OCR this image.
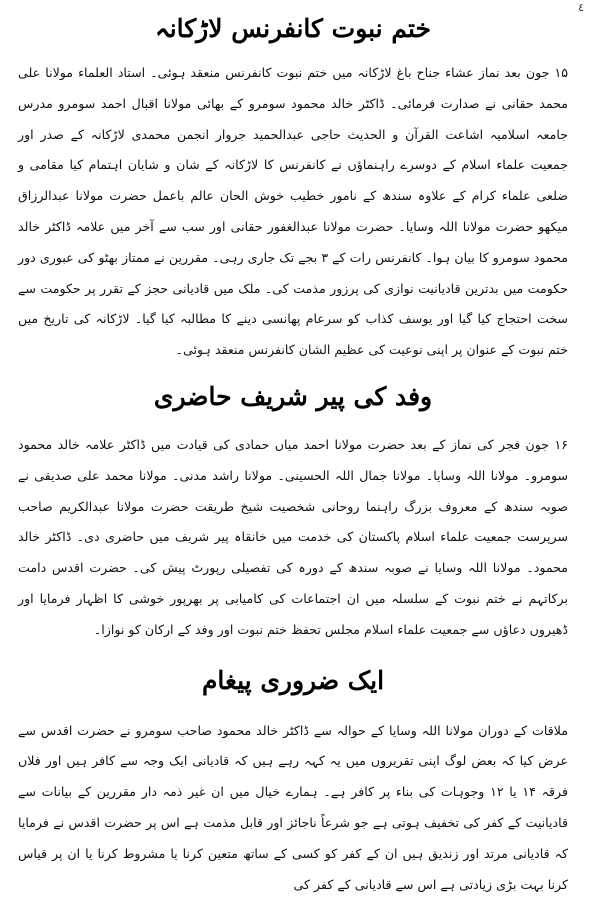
٤
ختم نبوت کانفرنس لاڑکانہ

۱۵ جون بعد نماز عشاء جناح باغ لاڑکانہ میں ختم نبوت کانفرنس منعقد ہوئی۔ استاد العلماء مولانا علی محمد حقانی نے صدارت فرمائی۔ ڈاکٹر خالد محمود سومرو کے بھائی مولانا اقبال احمد سومرو مدرس جامعہ اسلامیہ اشاعت القرآن و الحدیث حاجی عبدالحمید جروار انجمن محمدی لاڑکانہ کے صدر اور جمعیت علماء اسلام کے دوسرے راہنماؤں نے کانفرنس کا لاڑکانہ کے شان و شایان اہتمام کیا مقامی و ضلعی علماء کرام کے علاوہ سندھ کے نامور خطیب خوش الحان عالم باعمل حضرت مولانا عبدالرزاق میکھو حضرت مولانا اللہ وسایا۔ حضرت مولانا عبدالغفور حقانی اور سب سے آخر میں علامہ ڈاکٹر خالد محمود سومرو کا بیان ہوا۔ کانفرنس رات کے ۳ بجے تک جاری رہی۔ مقررین نے ممتاز بھٹو کی عبوری دور حکومت میں بدترین قادیانیت نوازی کی پرزور مذمت کی۔ ملک میں قادیانی حجز کے تقرر پر حکومت سے سخت احتجاج کیا گیا اور یوسف کذاب کو سرعام پھانسی دینے کا مطالبہ کیا گیا۔ لاڑکانہ کی تاریخ میں ختم نبوت کے عنوان پر اپنی نوعیت کی عظیم الشان کانفرنس منعقد ہوئی۔

وفد کی پیر شریف حاضری

۱۶ جون فجر کی نماز کے بعد حضرت مولانا احمد میاں حمادی کی قیادت میں ڈاکٹر علامہ خالد محمود سومرو۔ مولانا اللہ وسایا۔ مولانا جمال اللہ الحسینی۔ مولانا راشد مدنی۔ مولانا محمد علی صدیقی نے صوبہ سندھ کے معروف بزرگ راہنما روحانی شخصیت شیخ طریقت حضرت مولانا عبدالکریم صاحب سرپرست جمعیت علماء اسلام پاکستان کی خدمت میں خانقاہ پیر شریف میں حاضری دی۔ ڈاکٹر خالد محمود۔ مولانا اللہ وسایا نے صوبہ سندھ کے دورہ کی تفصیلی رپورٹ پیش کی۔ حضرت اقدس دامت برکاتہم نے ختم نبوت کے سلسلہ میں ان اجتماعات کی کامیابی پر بھرپور خوشی کا اظہار فرمایا اور ڈھیروں دعاؤں سے جمعیت علماء اسلام مجلس تحفظ ختم نبوت اور وفد کے ارکان کو نوازا۔

ایک ضروری پیغام

ملاقات کے دوران مولانا اللہ وسایا کے حوالہ سے ڈاکٹر خالد محمود صاحب سومرو نے حضرت اقدس سے عرض کیا کہ بعض لوگ اپنی تقریروں میں یہ کہہ رہے ہیں کہ قادیانی ایک وجہ سے کافر ہیں اور فلاں فرقہ ۱۴ یا ۱۲ وجوہات کی بناء پر کافر ہے۔ ہمارے خیال میں ان غیر ذمہ دار مقررین کے بیانات سے قادیانیت کے کفر کی تخفیف ہوتی ہے جو شرعاً ناجائز اور قابل مذمت ہے اس پر حضرت اقدس نے فرمایا کہ قادیانی مرتد اور زندیق ہیں ان کے کفر کو کسی کے ساتھ متعین کرنا یا مشروط کرنا یا ان پر قیاس کرنا بہت بڑی زیادتی ہے اس سے قادیانی کے کفر کی
